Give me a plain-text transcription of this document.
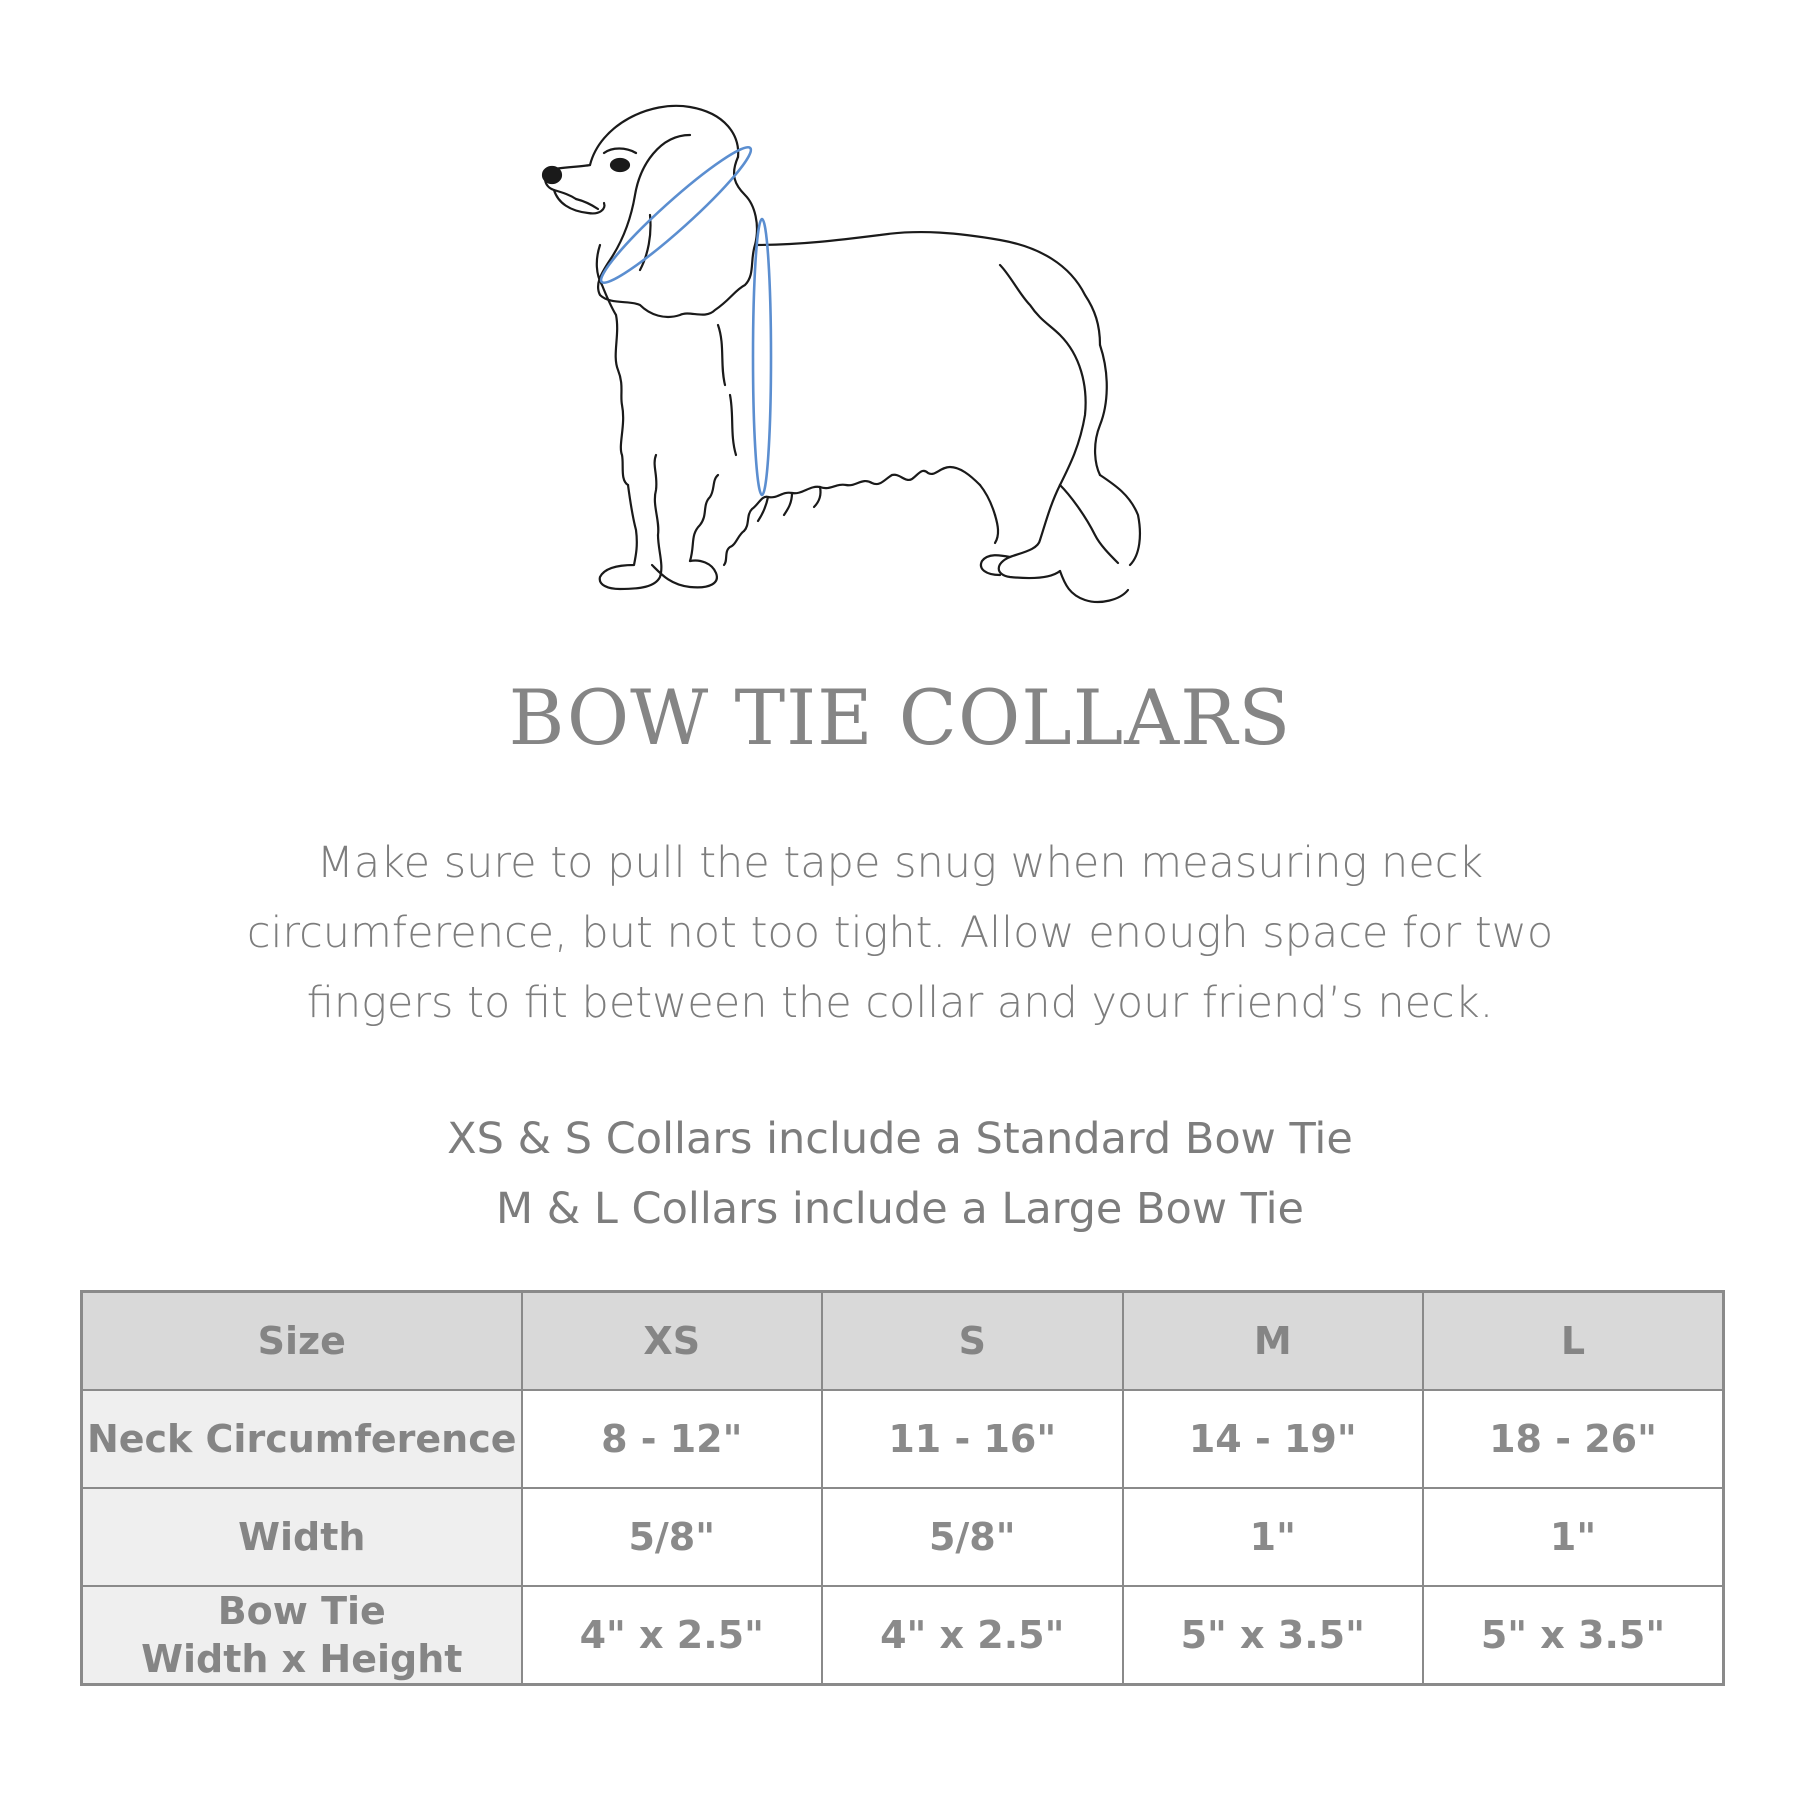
BOW TIE COLLARS

Make sure to pull the tape snug when measuring neck circumference, but not too tight. Allow enough space for two fingers to fit between the collar and your friend’s neck.

XS & S Collars include a Standard Bow Tie
M & L Collars include a Large Bow Tie
Size	XS	S	M	L

Neck Circumference	8 - 12"	11 - 16"	14 - 19"	18 - 26"

Width	5/8"	5/8"	1"	1"

Bow Tie
Width x Height	4" x 2.5"	4" x 2.5"	5" x 3.5"	5" x 3.5"
